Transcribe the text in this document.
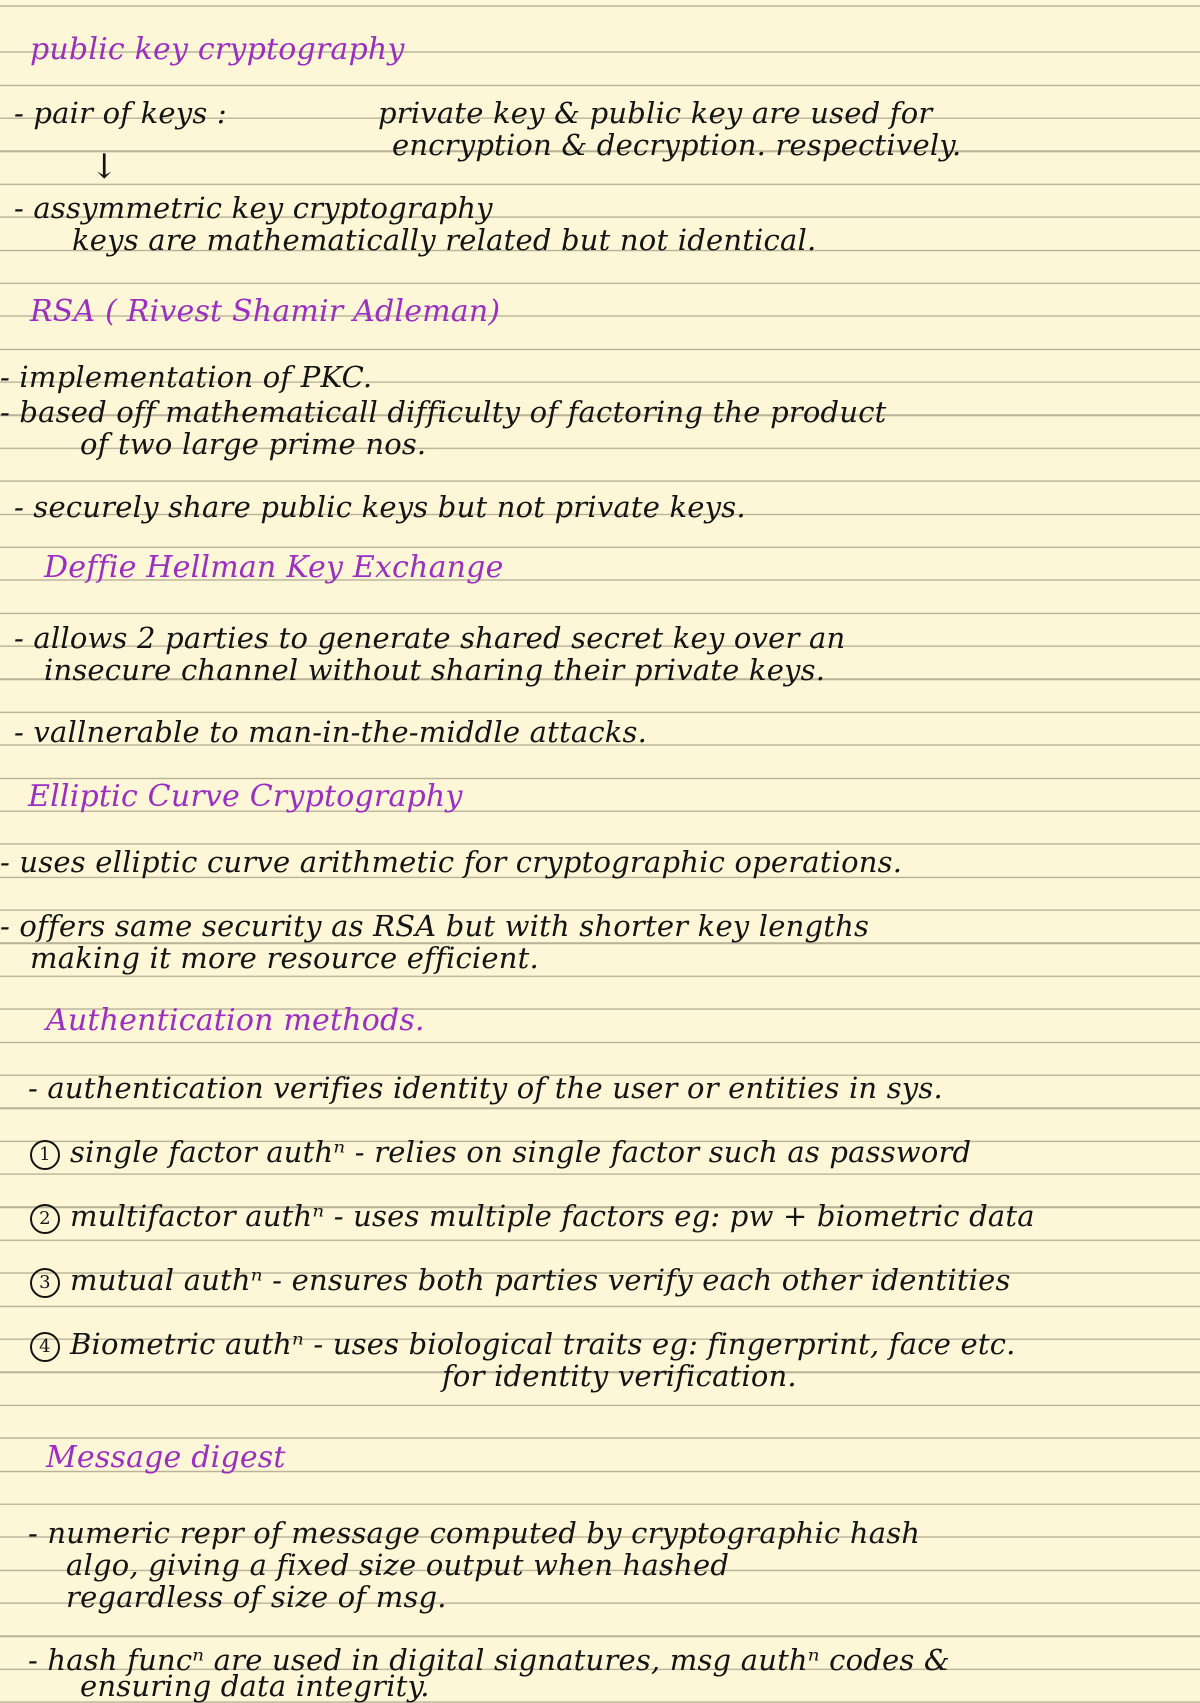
public key cryptography
- pair of keys :	private key & public key are used for
encryption & decryption. respectively.
↓
- assymmetric key cryptography
keys are mathematically related but not identical.
RSA ( Rivest Shamir Adleman)
- implementation of PKC.
- based off mathematicall difficulty of factoring the product
of two large prime nos.
- securely share public keys but not private keys.
Deffie Hellman Key Exchange
- allows 2 parties to generate shared secret key over an
insecure channel without sharing their private keys.
- vallnerable to man-in-the-middle attacks.
Elliptic Curve Cryptography
- uses elliptic curve arithmetic for cryptographic operations.
- offers same security as RSA but with shorter key lengths
making it more resource efficient.
Authentication methods.
- authentication verifies identity of the user or entities in sys.
1 single factor authⁿ - relies on single factor such as password
2 multifactor authⁿ - uses multiple factors eg: pw + biometric data
3 mutual authⁿ - ensures both parties verify each other identities
4 Biometric authⁿ - uses biological traits eg: fingerprint, face etc.
for identity verification.
Message digest
- numeric repr of message computed by cryptographic hash
algo, giving a fixed size output when hashed
regardless of size of msg.
- hash funcⁿ are used in digital signatures, msg authⁿ codes &
ensuring data integrity.
